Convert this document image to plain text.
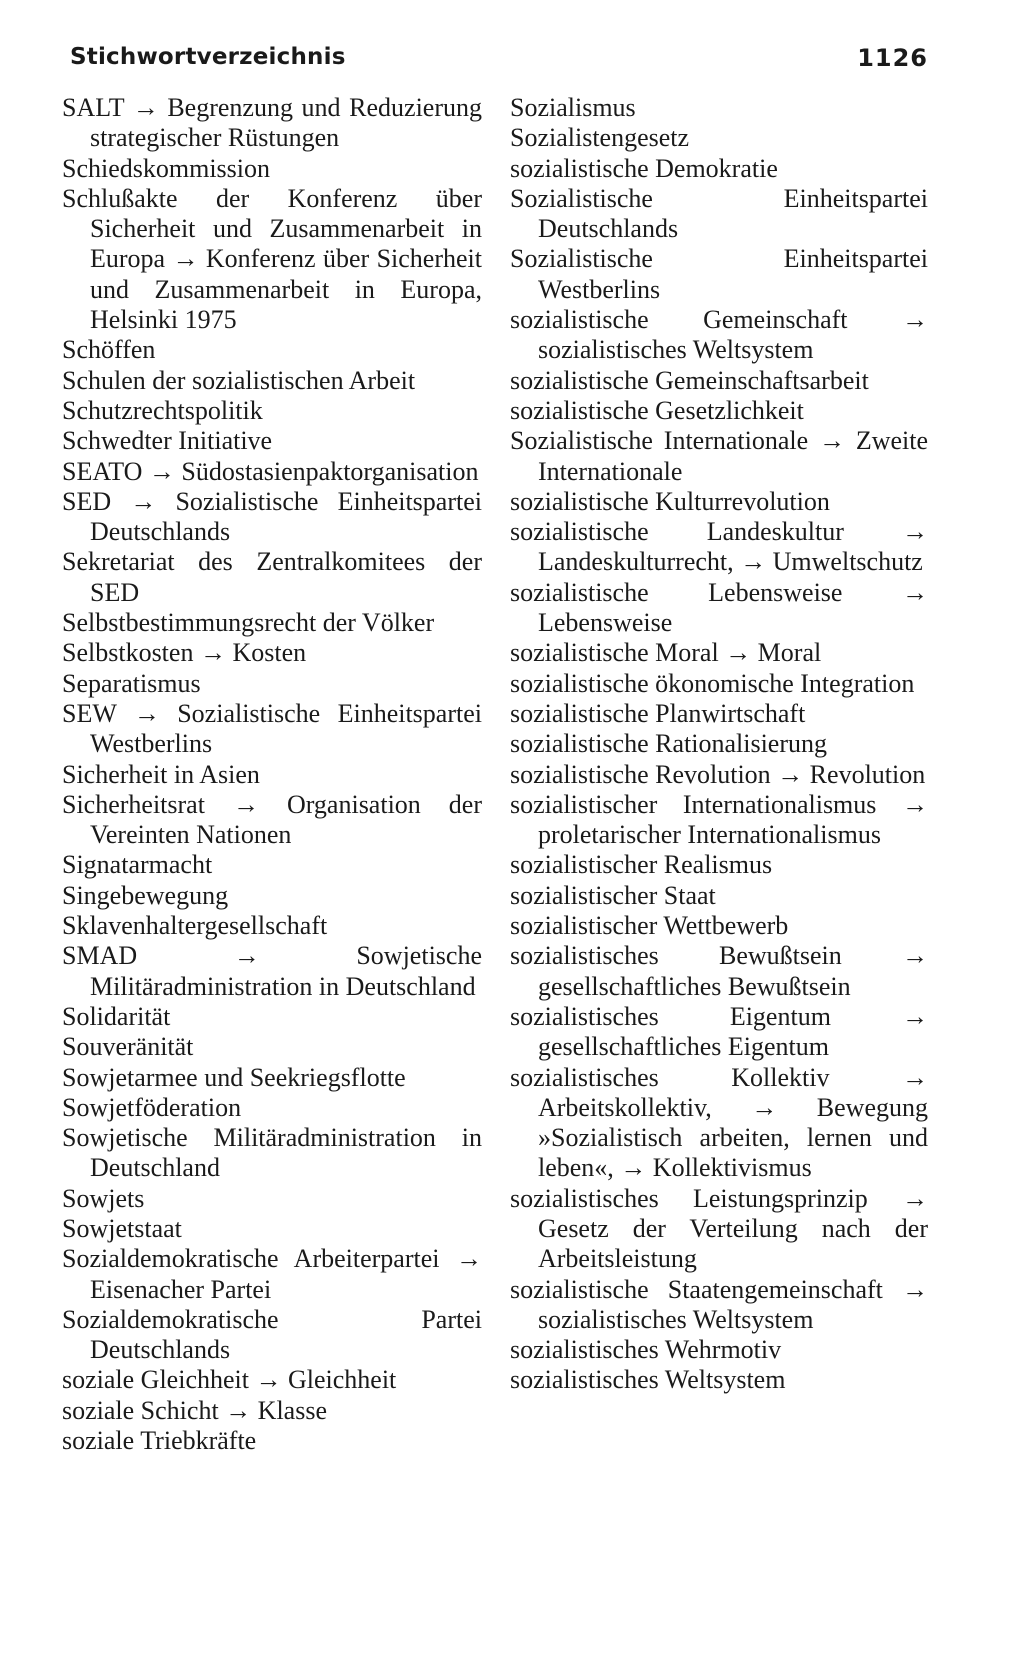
Stichwortverzeichnis	1126

SALT → Begrenzung und Reduzierung strategischer Rüstungen

Schiedskommission

Schlußakte der Konferenz über Sicherheit und Zusammenarbeit in Europa → Konferenz über Sicherheit und Zusammenarbeit in Europa, Helsinki 1975

Schöffen

Schulen der sozialistischen Arbeit

Schutzrechtspolitik

Schwedter Initiative

SEATO → Südostasienpaktorganisation

SED → Sozialistische Einheitspartei Deutschlands

Sekretariat des Zentralkomitees der SED

Selbstbestimmungsrecht der Völker

Selbstkosten → Kosten

Separatismus

SEW → Sozialistische Einheitspartei Westberlins

Sicherheit in Asien

Sicherheitsrat → Organisation der Vereinten Nationen

Signatarmacht

Singebewegung

Sklavenhaltergesellschaft

SMAD → Sowjetische Militäradministration in Deutschland

Solidarität

Souveränität

Sowjetarmee und Seekriegsflotte

Sowjetföderation

Sowjetische Militäradministration in Deutschland

Sowjets

Sowjetstaat

Sozialdemokratische Arbeiterpartei → Eisenacher Partei

Sozialdemokratische Partei Deutschlands

soziale Gleichheit → Gleichheit

soziale Schicht → Klasse

soziale Triebkräfte

Sozialismus

Sozialistengesetz

sozialistische Demokratie

Sozialistische Einheitspartei Deutschlands

Sozialistische Einheitspartei Westberlins

sozialistische Gemeinschaft → sozialistisches Weltsystem

sozialistische Gemeinschaftsarbeit

sozialistische Gesetzlichkeit

Sozialistische Internationale → Zweite Internationale

sozialistische Kulturrevolution

sozialistische Landeskultur → Landeskulturrecht, → Umweltschutz

sozialistische Lebensweise → Lebensweise

sozialistische Moral → Moral

sozialistische ökonomische Integration

sozialistische Planwirtschaft

sozialistische Rationalisierung

sozialistische Revolution → Revolution

sozialistischer Internationalismus → proletarischer Internationalismus

sozialistischer Realismus

sozialistischer Staat

sozialistischer Wettbewerb

sozialistisches Bewußtsein → gesellschaftliches Bewußtsein

sozialistisches Eigentum → gesellschaftliches Eigentum

sozialistisches Kollektiv → Arbeitskollektiv, → Bewegung »Sozialistisch arbeiten, lernen und leben«, → Kollektivismus

sozialistisches Leistungsprinzip → Gesetz der Verteilung nach der Arbeitsleistung

sozialistische Staatengemeinschaft → sozialistisches Weltsystem

sozialistisches Wehrmotiv

sozialistisches Weltsystem
